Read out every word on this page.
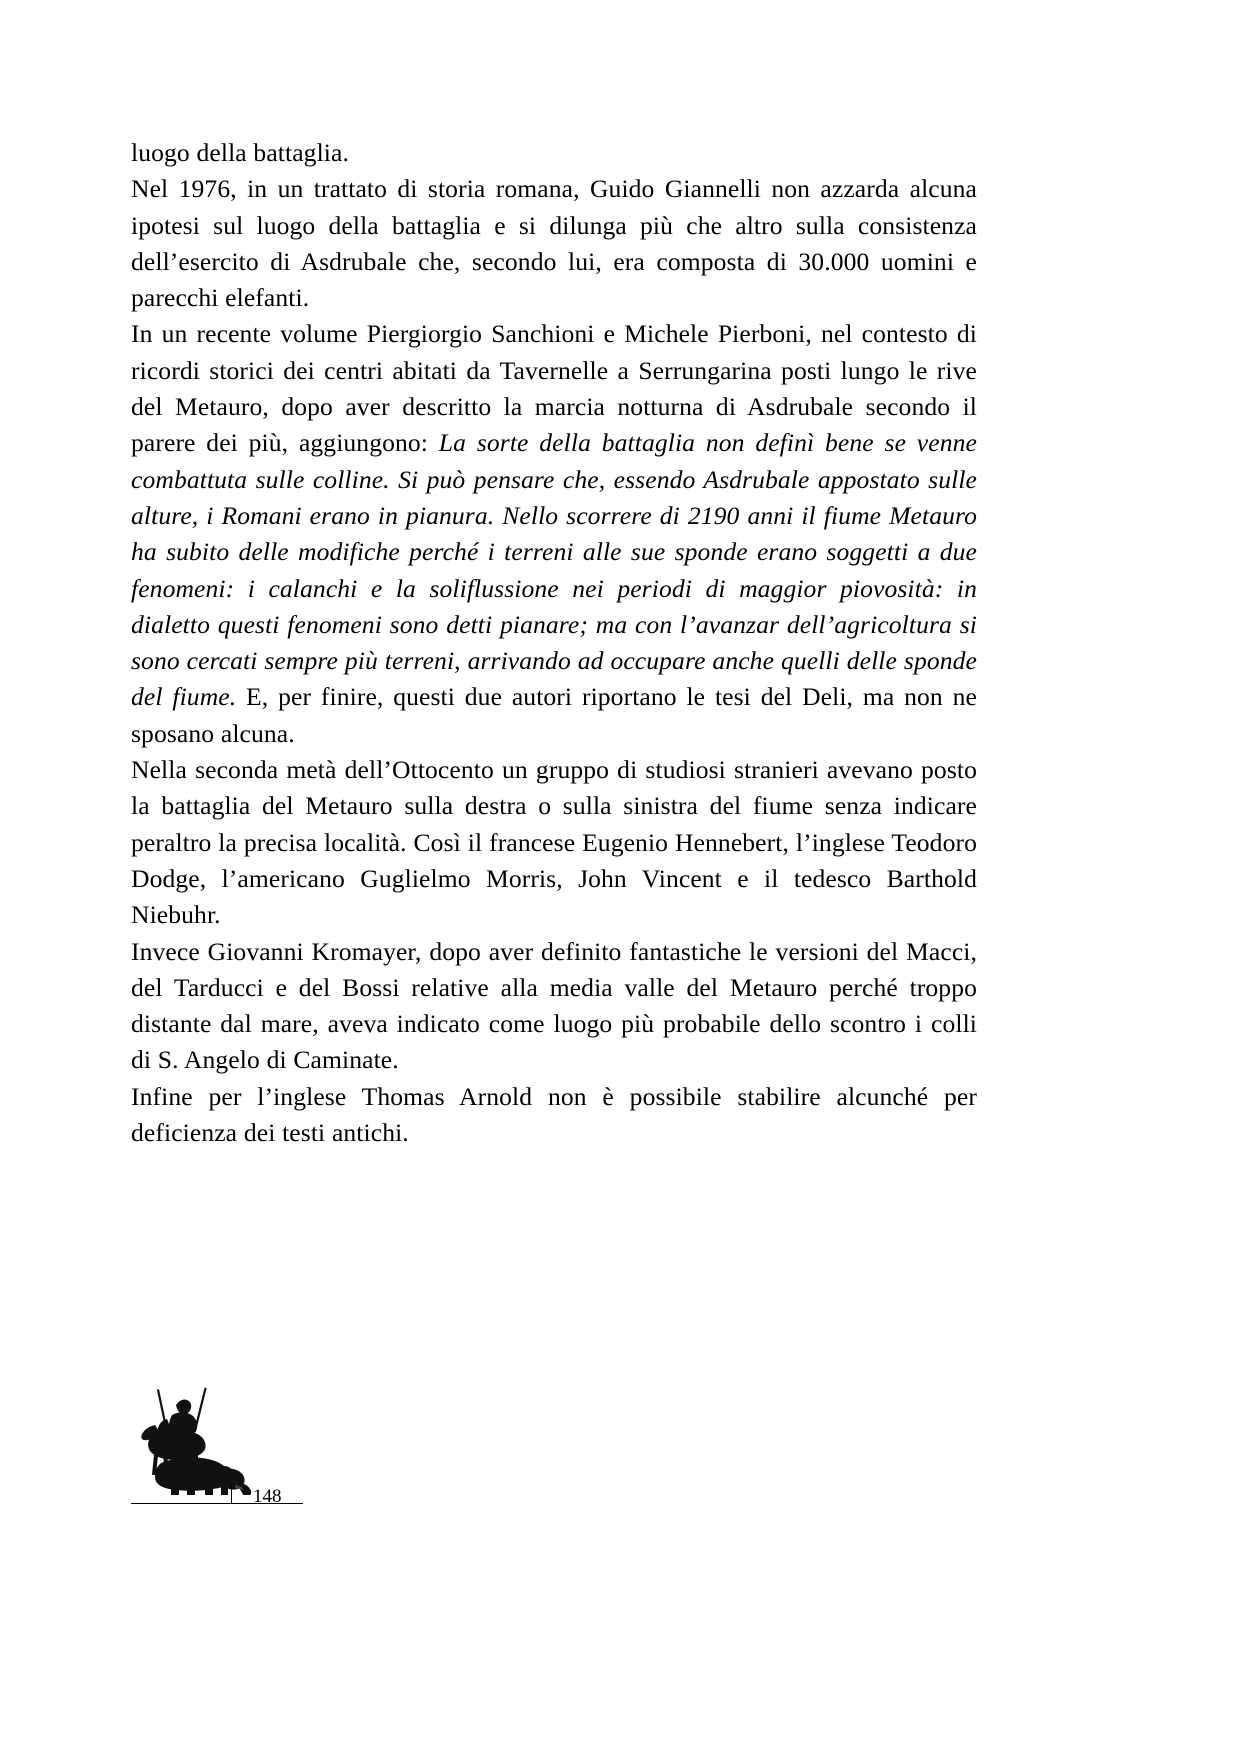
luogo della battaglia.

Nel 1976, in un trattato di storia romana, Guido Giannelli non azzarda alcuna ipotesi sul luogo della battaglia e si dilunga più che altro sulla consistenza dell’esercito di Asdrubale che, secondo lui, era composta di 30.000 uomini e parecchi elefanti.

In un recente volume Piergiorgio Sanchioni e Michele Pierboni, nel contesto di ricordi storici dei centri abitati da Tavernelle a Serrungarina posti lungo le rive del Metauro, dopo aver descritto la marcia notturna di Asdrubale secondo il parere dei più, aggiungono: La sorte della battaglia non definì bene se venne combattuta sulle colline. Si può pensare che, essendo Asdrubale appostato sulle alture, i Romani erano in pianura. Nello scorrere di 2190 anni il fiume Metauro ha subito delle modifiche perché i terreni alle sue sponde erano soggetti a due fenomeni: i calanchi e la soliflussione nei periodi di maggior piovosità: in dialetto questi fenomeni sono detti pianare; ma con l’avanzar dell’agricoltura si sono cercati sempre più terreni, arrivando ad occupare anche quelli delle sponde del fiume. E, per finire, questi due autori riportano le tesi del Deli, ma non ne sposano alcuna.

Nella seconda metà dell’Ottocento un gruppo di studiosi stranieri avevano posto la battaglia del Metauro sulla destra o sulla sinistra del fiume senza indicare peraltro la precisa località. Così il francese Eugenio Hennebert, l’inglese Teodoro Dodge, l’americano Guglielmo Morris, John Vincent e il tedesco Barthold Niebuhr.

Invece Giovanni Kromayer, dopo aver definito fantastiche le versioni del Macci, del Tarducci e del Bossi relative alla media valle del Metauro perché troppo distante dal mare, aveva indicato come luogo più probabile dello scontro i colli di S. Angelo di Caminate.

Infine per l’inglese Thomas Arnold non è possibile stabilire alcunché per deficienza dei testi antichi.

148
